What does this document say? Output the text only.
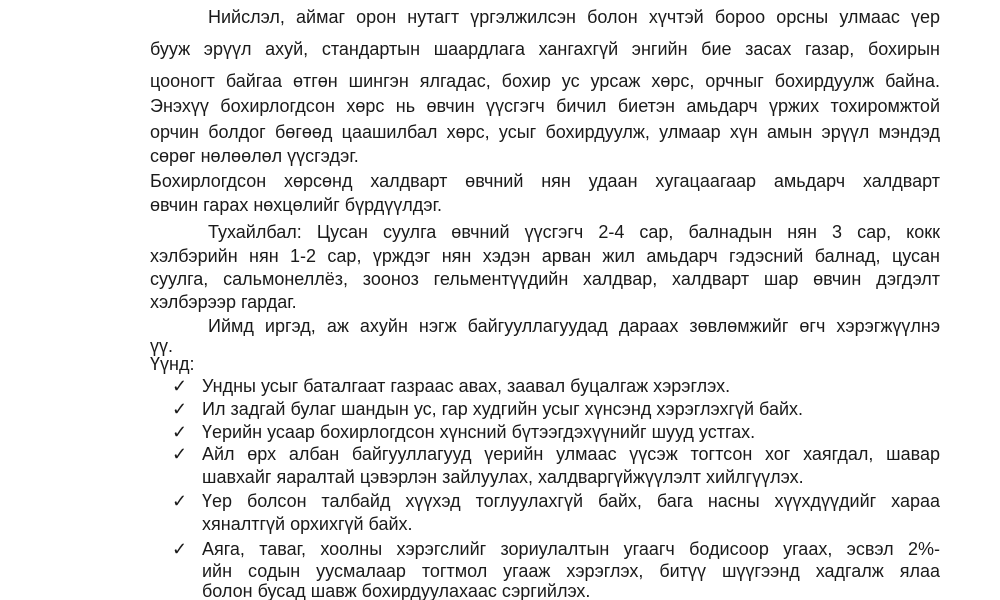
Нийслэл, аймаг орон нутагт үргэлжилсэн болон хүчтэй бороо орсны улмаас үер
бууж эрүүл ахуй, стандартын шаардлага хангахгүй энгийн бие засах газар, бохирын
цооногт байгаа өтгөн шингэн ялгадас, бохир ус урсаж хөрс, орчныг бохирдуулж байна.
Энэхүү бохирлогдсон хөрс нь өвчин үүсгэгч бичил биетэн амьдарч үржих тохиромжтой
орчин болдог бөгөөд цаашилбал хөрс, усыг бохирдуулж, улмаар хүн амын эрүүл мэндэд
сөрөг нөлөөлөл үүсгэдэг.
Бохирлогдсон хөрсөнд халдварт өвчний нян удаан хугацаагаар амьдарч халдварт
өвчин гарах нөхцөлийг бүрдүүлдэг.
Тухайлбал: Цусан суулга өвчний үүсгэгч 2-4 сар, балнадын нян 3 сар, кокк
хэлбэрийн нян 1-2 сар, үрждэг нян хэдэн арван жил амьдарч гэдэсний балнад, цусан
суулга, сальмонеллёз, зооноз гельментүүдийн халдвар, халдварт шар өвчин дэгдэлт
хэлбэрээр гардаг.
Иймд иргэд, аж ахуйн нэгж байгууллагуудад дараах зөвлөмжийг өгч хэрэгжүүлнэ
үү.
Үүнд:
✓ Ундны усыг баталгаат газраас авах, заавал буцалгаж хэрэглэх.
✓ Ил задгай булаг шандын ус, гар худгийн усыг хүнсэнд хэрэглэхгүй байх.
✓ Үерийн усаар бохирлогдсон хүнсний бүтээгдэхүүнийг шууд устгах.
✓ Айл өрх албан байгууллагууд үерийн улмаас үүсэж тогтсон хог хаягдал, шавар
шавхайг яаралтай цэвэрлэн зайлуулах, халдваргүйжүүлэлт хийлгүүлэх.
✓ Үер болсон талбайд хүүхэд тоглуулахгүй байх, бага насны хүүхдүүдийг хараа
хяналтгүй орхихгүй байх.
✓ Аяга, таваг, хоолны хэрэгслийг зориулалтын угаагч бодисоор угаах, эсвэл 2%-
ийн содын уусмалаар тогтмол угааж хэрэглэх, битүү шүүгээнд хадгалж ялаа
болон бусад шавж бохирдуулахаас сэргийлэх.
